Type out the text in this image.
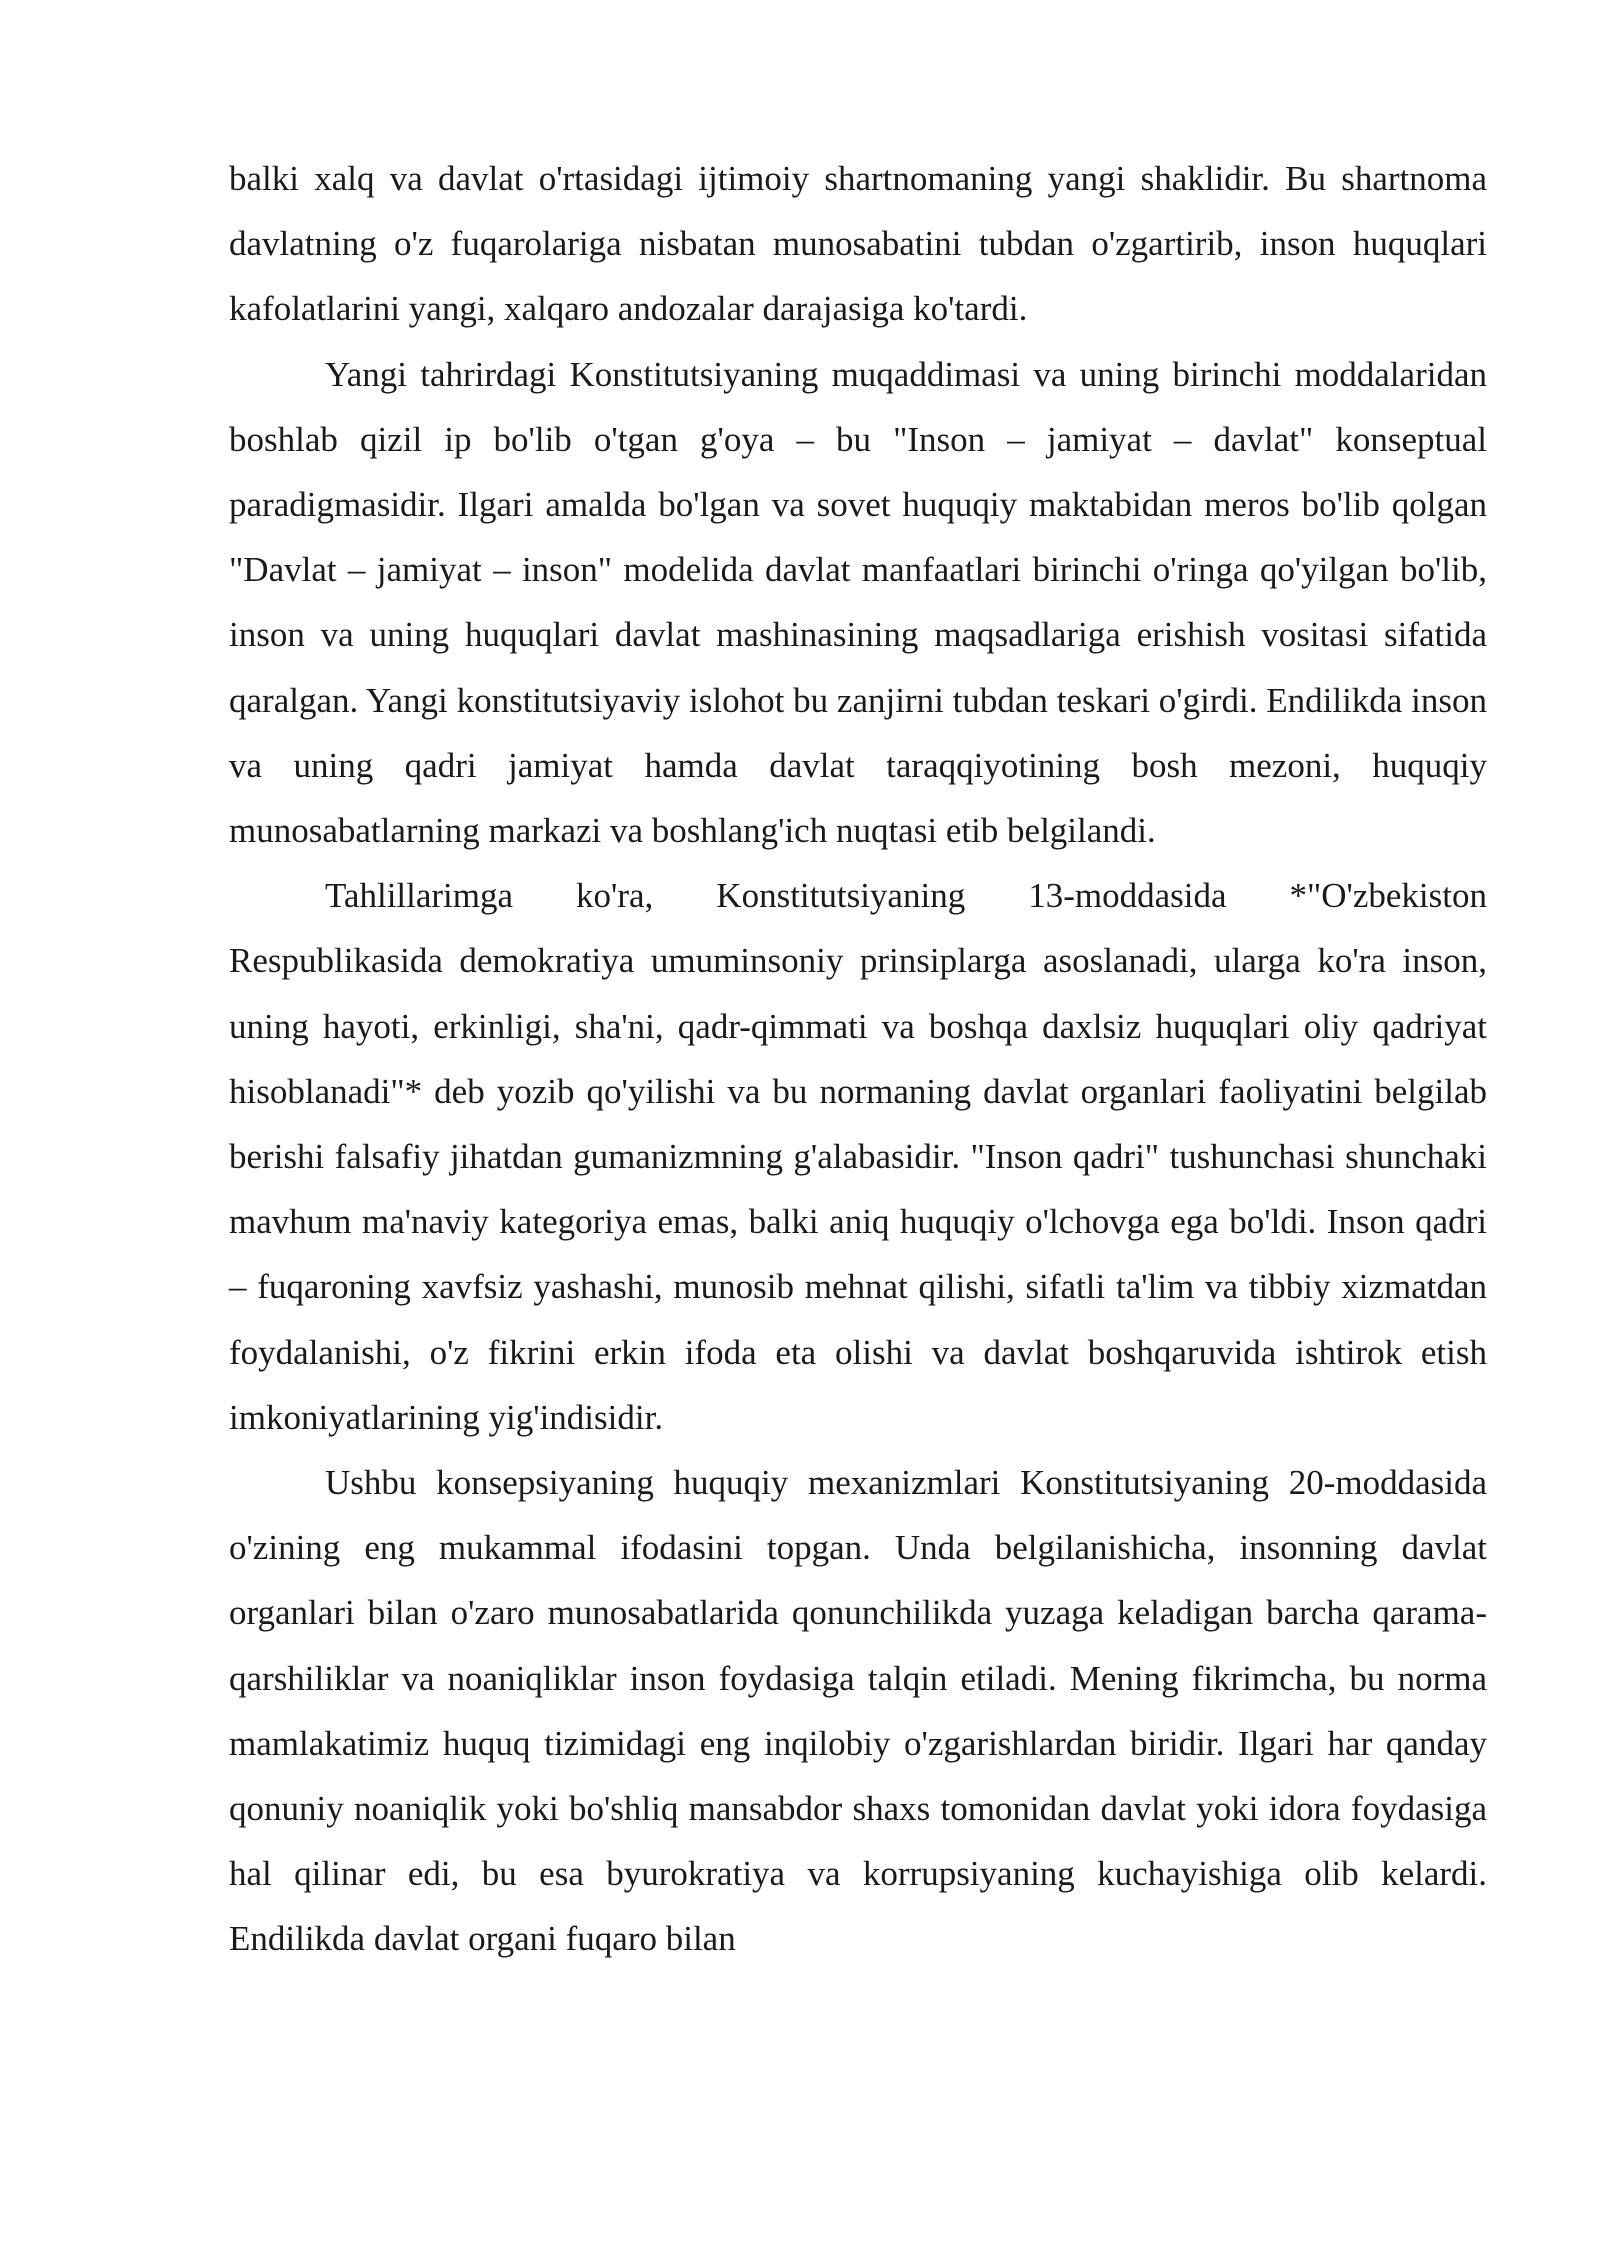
balki xalq va davlat o'rtasidagi ijtimoiy shartnomaning yangi shaklidir. Bu shartnoma davlatning o'z fuqarolariga nisbatan munosabatini tubdan o'zgartirib, inson huquqlari kafolatlarini yangi, xalqaro andozalar darajasiga ko'tardi.

Yangi tahrirdagi Konstitutsiyaning muqaddimasi va uning birinchi moddalaridan boshlab qizil ip bo'lib o'tgan g'oya – bu "Inson – jamiyat – davlat" konseptual paradigmasidir. Ilgari amalda bo'lgan va sovet huquqiy maktabidan meros bo'lib qolgan "Davlat – jamiyat – inson" modelida davlat manfaatlari birinchi o'ringa qo'yilgan bo'lib, inson va uning huquqlari davlat mashinasining maqsadlariga erishish vositasi sifatida qaralgan. Yangi konstitutsiyaviy islohot bu zanjirni tubdan teskari o'girdi. Endilikda inson va uning qadri jamiyat hamda davlat taraqqiyotining bosh mezoni, huquqiy munosabatlarning markazi va boshlang'ich nuqtasi etib belgilandi.

Tahlillarimga ko'ra, Konstitutsiyaning 13-moddasida *"O'zbekiston Respublikasida demokratiya umuminsoniy prinsiplarga asoslanadi, ularga ko'ra inson, uning hayoti, erkinligi, sha'ni, qadr-qimmati va boshqa daxlsiz huquqlari oliy qadriyat hisoblanadi"* deb yozib qo'yilishi va bu normaning davlat organlari faoliyatini belgilab berishi falsafiy jihatdan gumanizmning g'alabasidir. "Inson qadri" tushunchasi shunchaki mavhum ma'naviy kategoriya emas, balki aniq huquqiy o'lchovga ega bo'ldi. Inson qadri – fuqaroning xavfsiz yashashi, munosib mehnat qilishi, sifatli ta'lim va tibbiy xizmatdan foydalanishi, o'z fikrini erkin ifoda eta olishi va davlat boshqaruvida ishtirok etish imkoniyatlarining yig'indisidir.

Ushbu konsepsiyaning huquqiy mexanizmlari Konstitutsiyaning 20-moddasida o'zining eng mukammal ifodasini topgan. Unda belgilanishicha, insonning davlat organlari bilan o'zaro munosabatlarida qonunchilikda yuzaga keladigan barcha qarama-qarshiliklar va noaniqliklar inson foydasiga talqin etiladi. Mening fikrimcha, bu norma mamlakatimiz huquq tizimidagi eng inqilobiy o'zgarishlardan biridir. Ilgari har qanday qonuniy noaniqlik yoki bo'shliq mansabdor shaxs tomonidan davlat yoki idora foydasiga hal qilinar edi, bu esa byurokratiya va korrupsiyaning kuchayishiga olib kelardi. Endilikda davlat organi fuqaro bilan
